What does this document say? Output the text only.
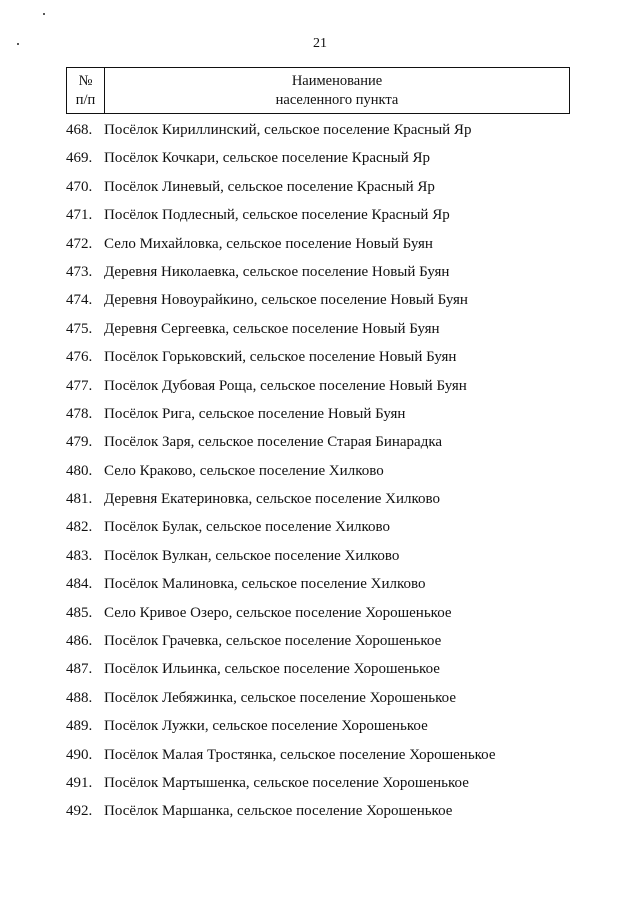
21
№
п/п
Наименование
населенного пункта
468. Посёлок Кириллинский, сельское поселение Красный Яр
469. Посёлок Кочкари, сельское поселение Красный Яр
470. Посёлок Линевый, сельское поселение Красный Яр
471. Посёлок Подлесный, сельское поселение Красный Яр
472. Село Михайловка, сельское поселение Новый Буян
473. Деревня Николаевка, сельское поселение Новый Буян
474. Деревня Новоурайкино, сельское поселение Новый Буян
475. Деревня Сергеевка, сельское поселение Новый Буян
476. Посёлок Горьковский, сельское поселение Новый Буян
477. Посёлок Дубовая Роща, сельское поселение Новый Буян
478. Посёлок Рига, сельское поселение Новый Буян
479. Посёлок Заря, сельское поселение Старая Бинарадка
480. Село Краково, сельское поселение Хилково
481. Деревня Екатериновка, сельское поселение Хилково
482. Посёлок Булак, сельское поселение Хилково
483. Посёлок Вулкан, сельское поселение Хилково
484. Посёлок Малиновка, сельское поселение Хилково
485. Село Кривое Озеро, сельское поселение Хорошенькое
486. Посёлок Грачевка, сельское поселение Хорошенькое
487. Посёлок Ильинка, сельское поселение Хорошенькое
488. Посёлок Лебяжинка, сельское поселение Хорошенькое
489. Посёлок Лужки, сельское поселение Хорошенькое
490. Посёлок Малая Тростянка, сельское поселение Хорошенькое
491. Посёлок Мартышенка, сельское поселение Хорошенькое
492. Посёлок Маршанка, сельское поселение Хорошенькое
